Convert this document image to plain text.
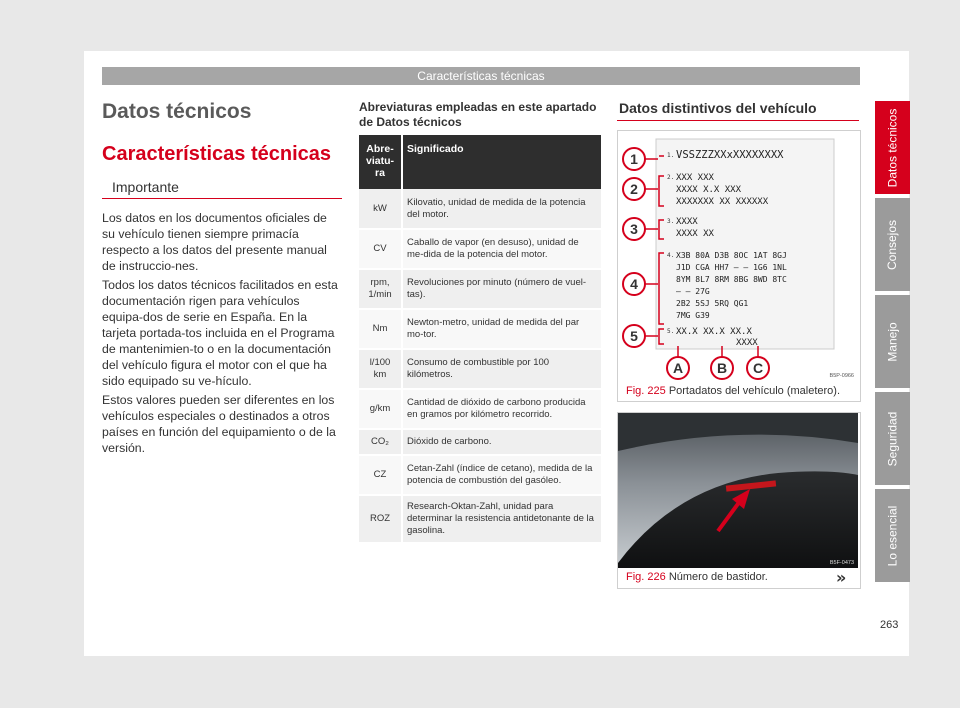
Características técnicas
Datos técnicos
Consejos
Manejo
Seguridad
Lo esencial
Datos técnicos
Características técnicas
Importante

Los datos en los documentos oficiales de su vehículo tienen siempre primacía respecto a los datos del presente manual de instruccio-nes.

Todos los datos técnicos facilitados en esta documentación rigen para vehículos equipa-dos de serie en España. En la tarjeta portada-tos incluida en el Programa de mantenimien-to o en la documentación del vehículo figura el motor con el que ha sido equipado su ve-hículo.

Estos valores pueden ser diferentes en los vehículos especiales o destinados a otros países en función del equipamiento o de la versión.

Abreviaturas empleadas en este apartado de Datos técnicos
Abre-viatu-ra	Significado
kW	Kilovatio, unidad de medida de la potencia del motor.
CV	Caballo de vapor (en desuso), unidad de me-dida de la potencia del motor.
rpm, 1/min	Revoluciones por minuto (número de vuel-tas).
Nm	Newton-metro, unidad de medida del par mo-tor.
l/100 km	Consumo de combustible por 100 kilómetros.
g/km	Cantidad de dióxido de carbono producida en gramos por kilómetro recorrido.
CO₂	Dióxido de carbono.
CZ	Cetan-Zahl (índice de cetano), medida de la potencia de combustión del gasóleo.
ROZ	Research-Oktan-Zahl, unidad para determinar la resistencia antidetonante de la gasolina.
Datos distintivos del vehículo
1
2
3
4
5
1.
2.
3.
4.
5.
VSSZZZXXxXXXXXXXX
XXX XXX
XXXX X.X XXX
XXXXXXX XX XXXXXX
XXXX
XXXX XX
X3B 80A D3B 8OC 1AT 8GJ
J1D CGA HH7 – – 1G6 1NL
8YM 8L7 8RM 8BG 8WD 8TC
– – 27G
2B2 5SJ 5RQ QG1
7MG G39
XX.X XX.X XX.X
XXXX
A B C	B5P-0966
Fig. 225 Portadatos del vehículo (maletero).
B5F-0473
Fig. 226 Número de bastidor.	»
263
